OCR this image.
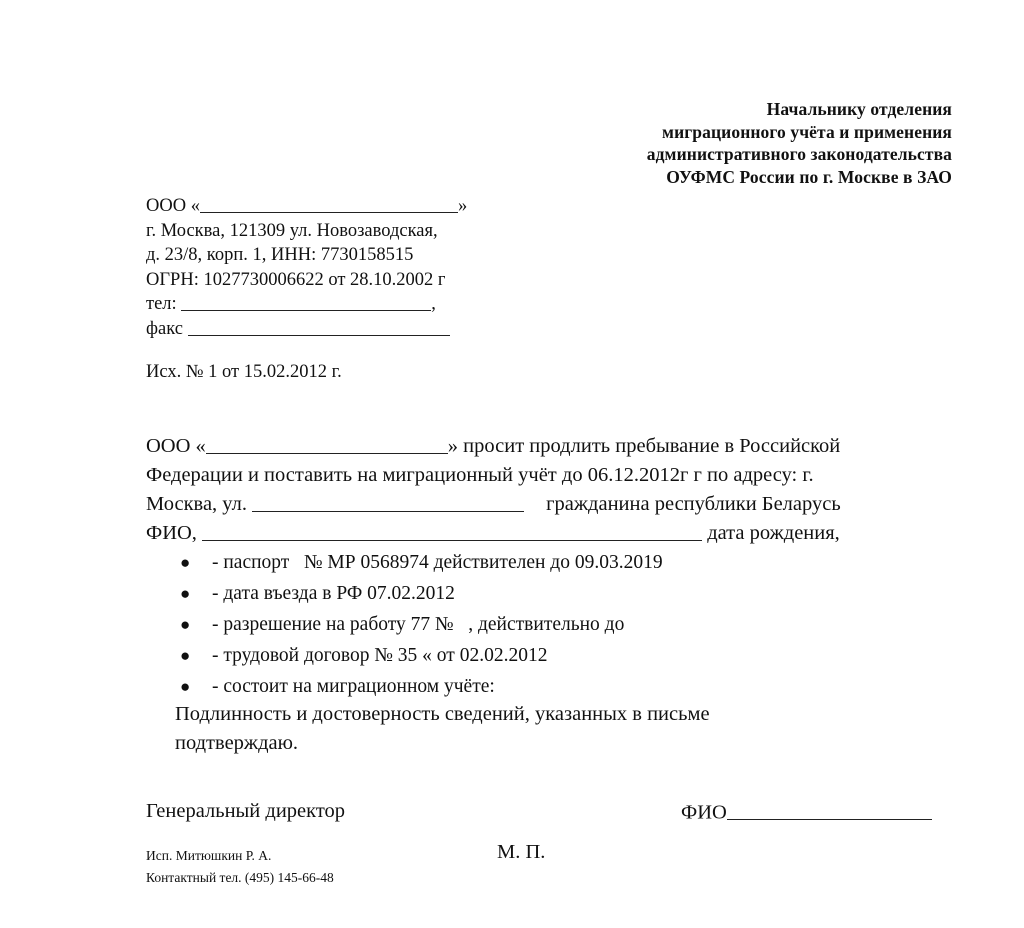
Начальнику отделения
миграционного учёта и применения
административного законодательства
ОУФМС России по г. Москве в ЗАО
ООО «	»
г. Москва, 121309 ул. Новозаводская,
д. 23/8, корп. 1, ИНН: 7730158515
ОГРН: 1027730006622 от 28.10.2002 г
тел:	,
факс
Исх. № 1 от 15.02.2012 г.
ООО «	» просит продлить пребывание в Российской
Федерации и поставить на миграционный учёт до 06.12.2012г г по адресу: г.
Москва, ул.	гражданина республики Беларусь
ФИО,	дата рождения,
●	- паспорт   № МР 0568974 действителен до 09.03.2019
●	- дата въезда в РФ 07.02.2012
●	- разрешение на работу 77 №   , действительно до
●	- трудовой договор № 35 « от 02.02.2012
●	- состоит на миграционном учёте:
Подлинность и достоверность сведений, указанных в письме
подтверждаю.
Генеральный директор	ФИО
М. П.
Исп. Митюшкин Р. А.
Контактный тел. (495) 145-66-48
